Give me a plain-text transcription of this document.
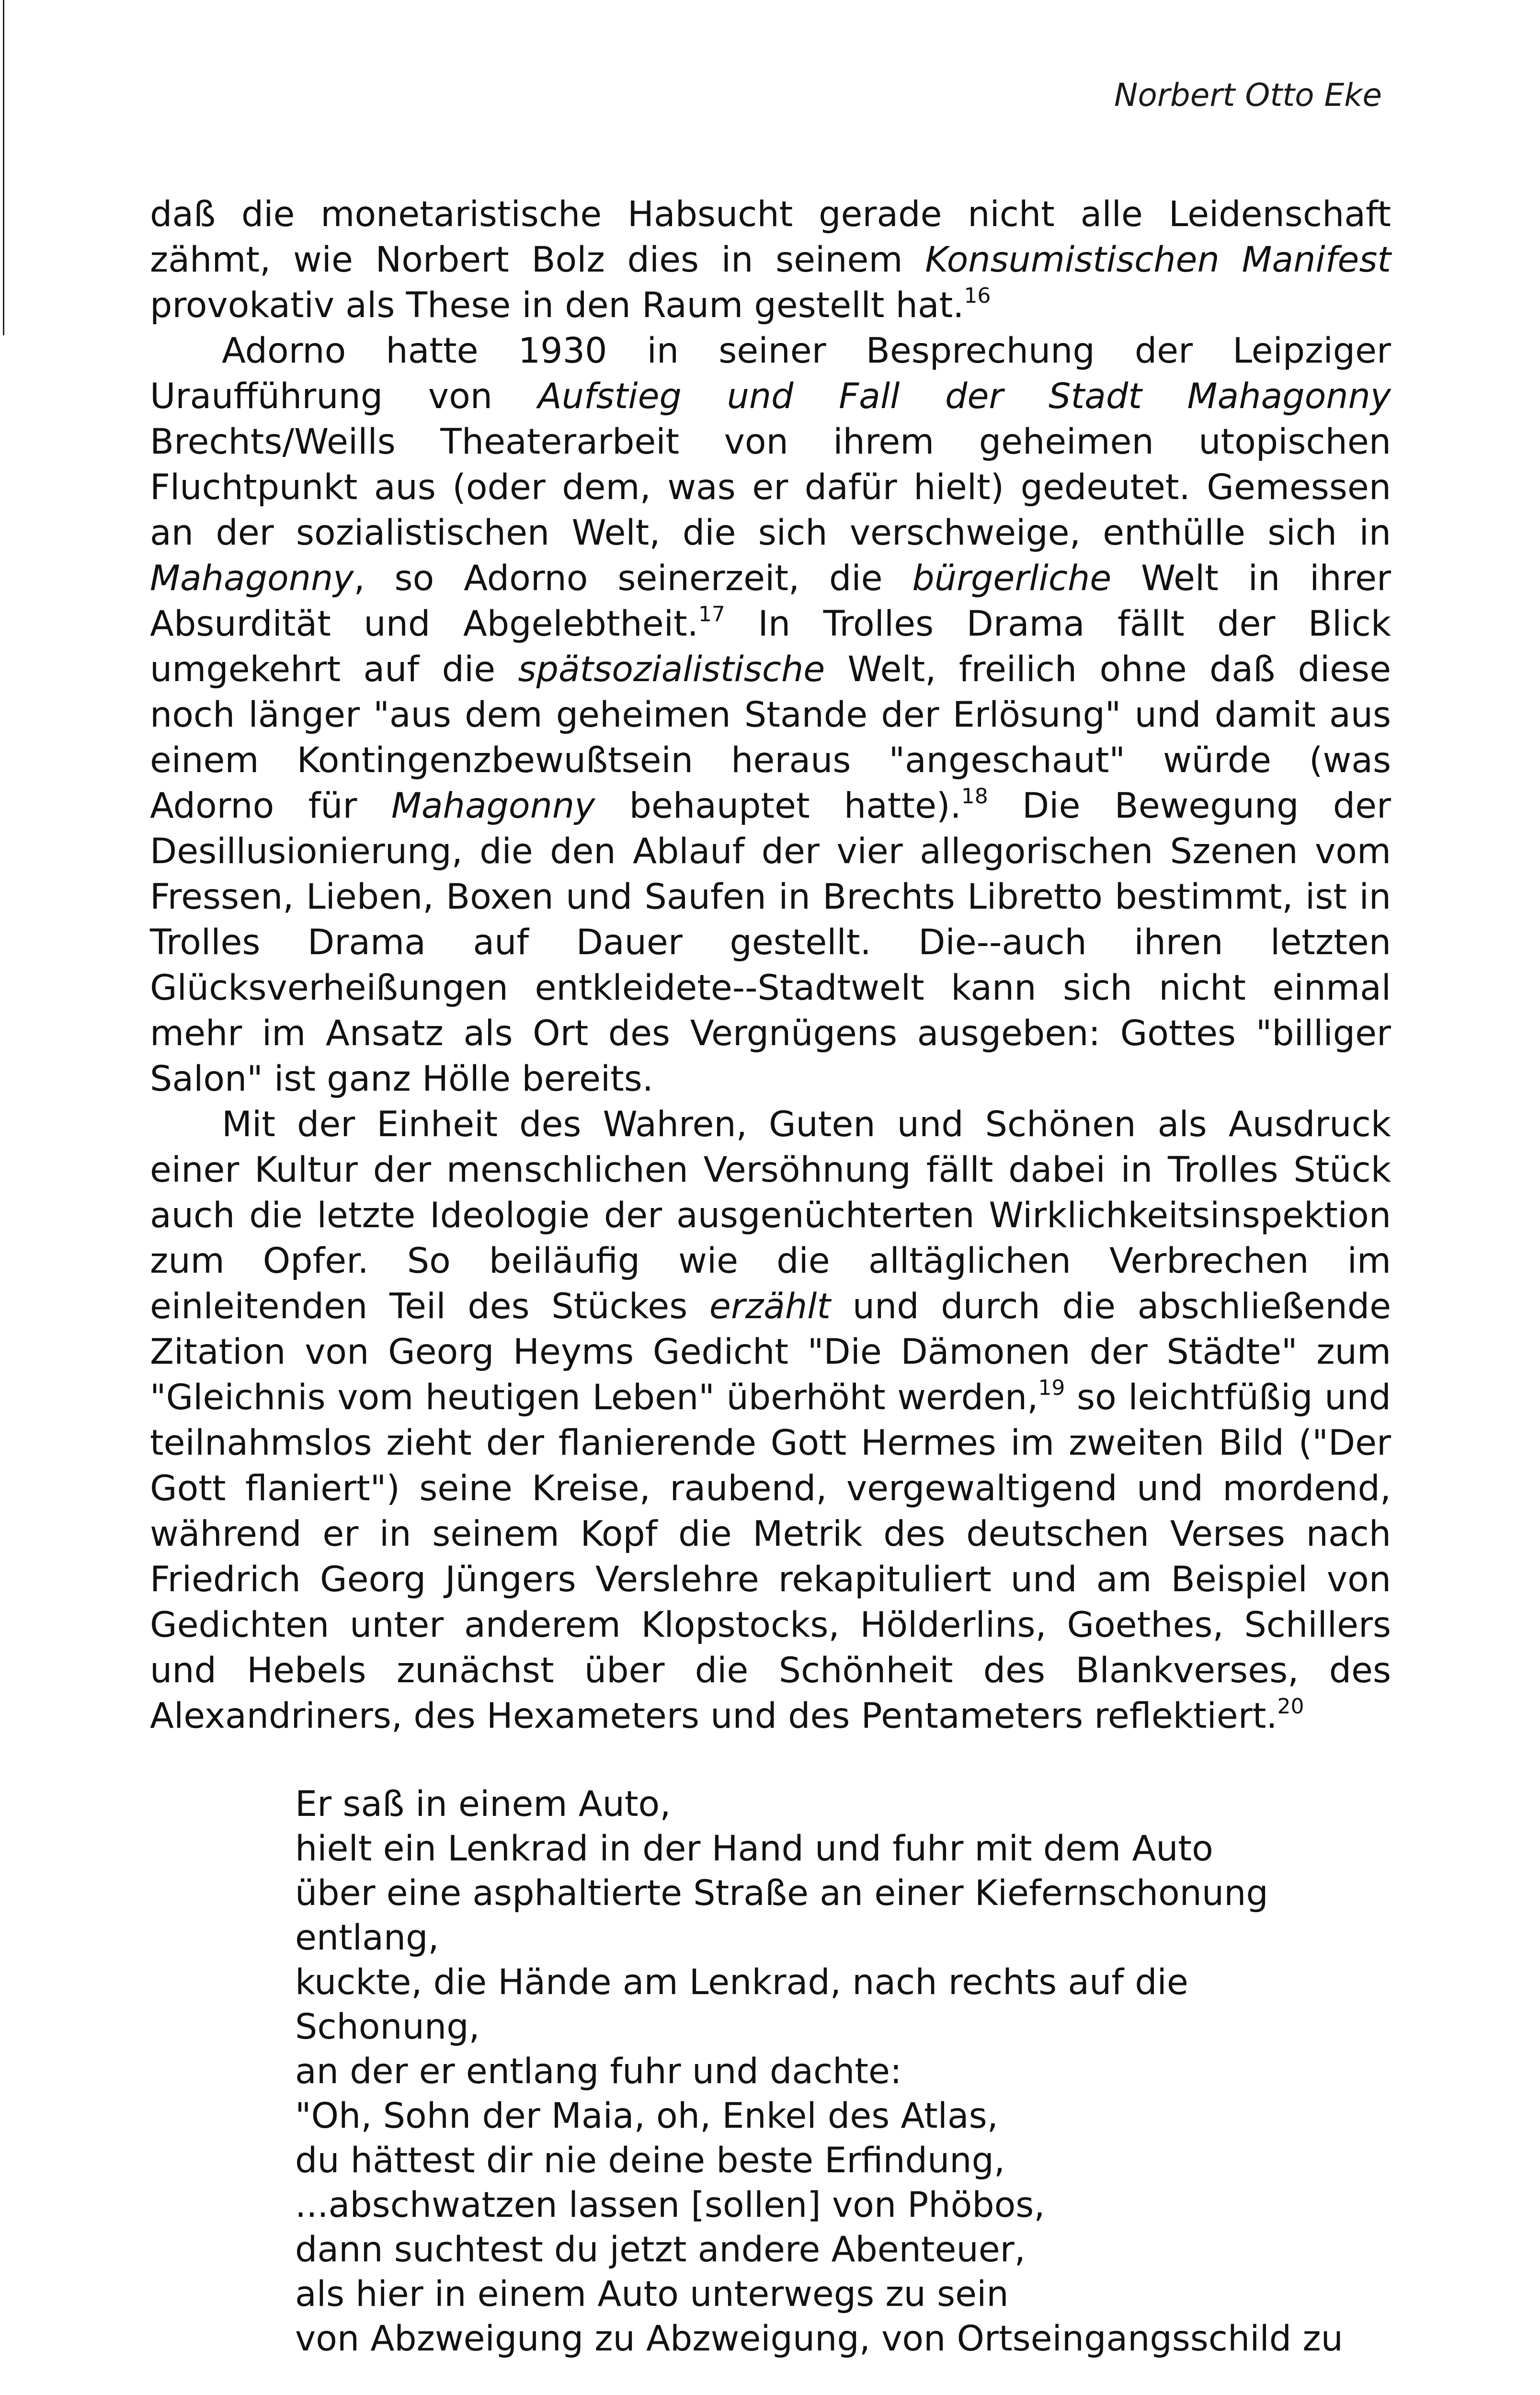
Norbert Otto Eke

daß die monetaristische Habsucht gerade nicht alle Leidenschaft zähmt, wie Norbert Bolz dies in seinem Konsumistischen Manifest provokativ als These in den Raum gestellt hat.$^{16}$

Adorno hatte 1930 in seiner Besprechung der Leipziger Uraufführung von Aufstieg und Fall der Stadt Mahagonny Brechts/Weills Theaterarbeit von ihrem geheimen utopischen Fluchtpunkt aus (oder dem, was er dafür hielt) gedeutet. Gemessen an der sozialistischen Welt, die sich verschweige, enthülle sich in Mahagonny, so Adorno seinerzeit, die bürgerliche Welt in ihrer Absurdität und Abgelebtheit.$^{17}$ In Trolles Drama fällt der Blick umgekehrt auf die spätsozialistische Welt, freilich ohne daß diese noch länger "aus dem geheimen Stande der Erlösung" und damit aus einem Kontingenzbewußtsein heraus "angeschaut" würde (was Adorno für Mahagonny behauptet hatte).$^{18}$ Die Bewegung der Desillusionierung, die den Ablauf der vier allegorischen Szenen vom Fressen, Lieben, Boxen und Saufen in Brechts Libretto bestimmt, ist in Trolles Drama auf Dauer gestellt. Die--auch ihren letzten Glücksverheißungen entkleidete--Stadtwelt kann sich nicht einmal mehr im Ansatz als Ort des Vergnügens ausgeben: Gottes "billiger Salon" ist ganz Hölle bereits.

Mit der Einheit des Wahren, Guten und Schönen als Ausdruck einer Kultur der menschlichen Versöhnung fällt dabei in Trolles Stück auch die letzte Ideologie der ausgenüchterten Wirklichkeitsinspektion zum Opfer. So beiläufig wie die alltäglichen Verbrechen im einleitenden Teil des Stückes erzählt und durch die abschließende Zitation von Georg Heyms Gedicht "Die Dämonen der Städte" zum "Gleichnis vom heutigen Leben" überhöht werden,$^{19}$ so leichtfüßig und teilnahmslos zieht der flanierende Gott Hermes im zweiten Bild ("Der Gott flaniert") seine Kreise, raubend, vergewaltigend und mordend, während er in seinem Kopf die Metrik des deutschen Verses nach Friedrich Georg Jüngers Verslehre rekapituliert und am Beispiel von Gedichten unter anderem Klopstocks, Hölderlins, Goethes, Schillers und Hebels zunächst über die Schönheit des Blankverses, des Alexandriners, des Hexameters und des Pentameters reflektiert.$^{20}$

Er saß in einem Auto,
hielt ein Lenkrad in der Hand und fuhr mit dem Auto
über eine asphaltierte Straße an einer Kiefernschonung
entlang,
kuckte, die Hände am Lenkrad, nach rechts auf die
Schonung,
an der er entlang fuhr und dachte:
"Oh, Sohn der Maia, oh, Enkel des Atlas,
du hättest dir nie deine beste Erfindung,
...abschwatzen lassen [sollen] von Phöbos,
dann suchtest du jetzt andere Abenteuer,
als hier in einem Auto unterwegs zu sein
von Abzweigung zu Abzweigung, von Ortseingangsschild zu
